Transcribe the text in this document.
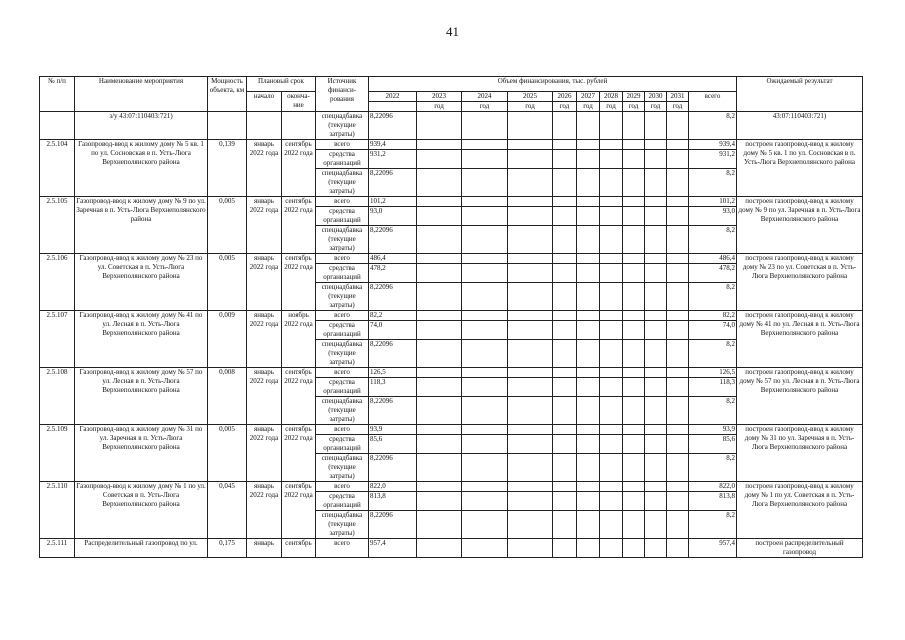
41
№ п/п	Наименование мероприятия	Мощность объекта, км	Плановый срок		Источник финанси-рования	Объем финансирования, тыс. рублей											Ожидаемый результат
			начало	оконча-ние		2022	2023	2024	2025	2026	2027	2028	2029	2030	2031	всего	
							год	год	год	год	год	год	год	год	год		
	з/у 43:07:110403:721)				спецнадбавка (текущие затраты)	8,22096										8,2	43:07:110403:721)
2.5.104	Газопровод-ввод к жилому дому № 5 кв. 1 по ул. Сосновская в п. Усть-Люга Верхнеполянского района	0,139	январь 2022 года	сентябрь 2022 года	всего	939,4										939,4	построен газопровод-ввод к жилому дому № 5 кв. 1 по ул. Сосновская в п. Усть-Люга Верхнеполянского района
					средства организаций	931,2										931,2	
					спецнадбавка (текущие затраты)	8,22096										8,2	
2.5.105	Газопровод-ввод к жилому дому № 9 по ул. Заречная в п. Усть-Люга Верхнеполянского района	0,005	январь 2022 года	сентябрь 2022 года	всего	101,2										101,2	построен газопровод-ввод к жилому дому № 9 по ул. Заречная в п. Усть-Люга Верхнеполянского района
					средства организаций	93,0										93,0	
					спецнадбавка (текущие затраты)	8,22096										8,2	
2.5.106	Газопровод-ввод к жилому дому № 23 по ул. Советская в п. Усть-Люга Верхнеполянского района	0,005	январь 2022 года	сентябрь 2022 года	всего	486,4										486,4	построен газопровод-ввод к жилому дому № 23 по ул. Советская в п. Усть-Люга Верхнеполянского района
					средства организаций	478,2										478,2	
					спецнадбавка (текущие затраты)	8,22096										8,2	
2.5.107	Газопровод-ввод к жилому дому № 41 по ул. Лесная в п. Усть-Люга Верхнеполянского района	0,009	январь 2022 года	ноябрь 2022 года	всего	82,2										82,2	построен газопровод-ввод к жилому дому № 41 по ул. Лесная в п. Усть-Люга Верхнеполянского района
					средства организаций	74,0										74,0	
					спецнадбавка (текущие затраты)	8,22096										8,2	
2.5.108	Газопровод-ввод к жилому дому № 57 по ул. Лесная в п. Усть-Люга Верхнеполянского района	0,008	январь 2022 года	сентябрь 2022 года	всего	126,5										126,5	построен газопровод-ввод к жилому дому № 57 по ул. Лесная в п. Усть-Люга Верхнеполянского района
					средства организаций	118,3										118,3	
					спецнадбавка (текущие затраты)	8,22096										8,2	
2.5.109	Газопровод-ввод к жилому дому № 31 по ул. Заречная в п. Усть-Люга Верхнеполянского района	0,005	январь 2022 года	сентябрь 2022 года	всего	93,9										93,9	построен газопровод-ввод к жилому дому № 31 по ул. Заречная в п. Усть-Люга Верхнеполянского района
					средства организаций	85,6										85,6	
					спецнадбавка (текущие затраты)	8,22096										8,2	
2.5.110	Газопровод-ввод к жилому дому № 1 по ул. Советская в п. Усть-Люга Верхнеполянского района	0,045	январь 2022 года	сентябрь 2022 года	всего	822,0										822,0	построен газопровод-ввод к жилому дому № 1 по ул. Советская в п. Усть-Люга Верхнеполянского района
					средства организаций	813,8										813,8	
					спецнадбавка (текущие затраты)	8,22096										8,2	
2.5.111	Распределительный газопровод по ул.	0,175	январь	сентябрь	всего	957,4										957,4	построен распределительный газопровод
